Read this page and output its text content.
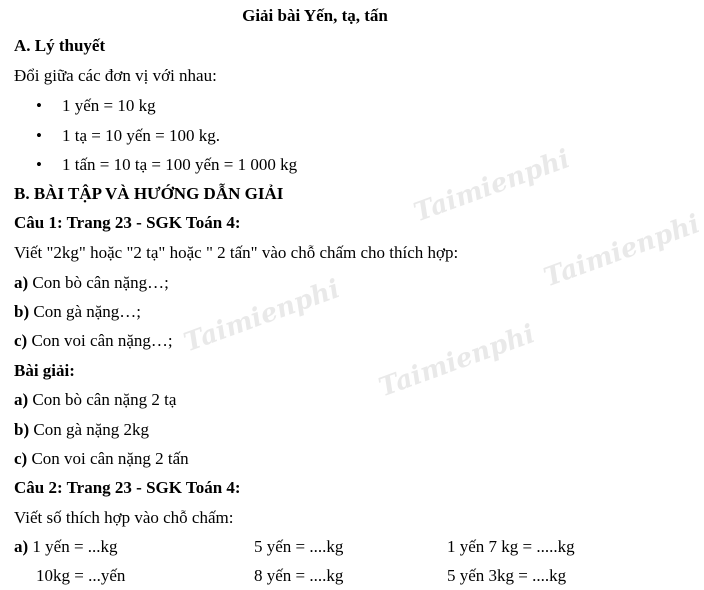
Taimienphi
Taimienphi
Taimienphi
Taimienphi
Giải bài Yến, tạ, tấn
A. Lý thuyết
Đổi giữa các đơn vị với nhau:
•	1 yến = 10 kg
•	1 tạ = 10 yến = 100 kg.
•	1 tấn = 10 tạ = 100 yến = 1 000 kg
B. BÀI TẬP VÀ HƯỚNG DẪN GIẢI
Câu 1: Trang 23 - SGK Toán 4:
Viết "2kg" hoặc "2 tạ" hoặc " 2 tấn" vào chỗ chấm cho thích hợp:
a) Con bò cân nặng…;
b) Con gà nặng…;
c) Con voi cân nặng…;
Bài giải:
a) Con bò cân nặng 2 tạ
b) Con gà nặng 2kg
c) Con voi cân nặng 2 tấn
Câu 2: Trang 23 - SGK Toán 4:
Viết số thích hợp vào chỗ chấm:
a) 1 yến = ...kg	5 yến = ....kg	1 yến 7 kg = .....kg
10kg = ...yến	8 yến = ....kg	5 yến 3kg = ....kg
